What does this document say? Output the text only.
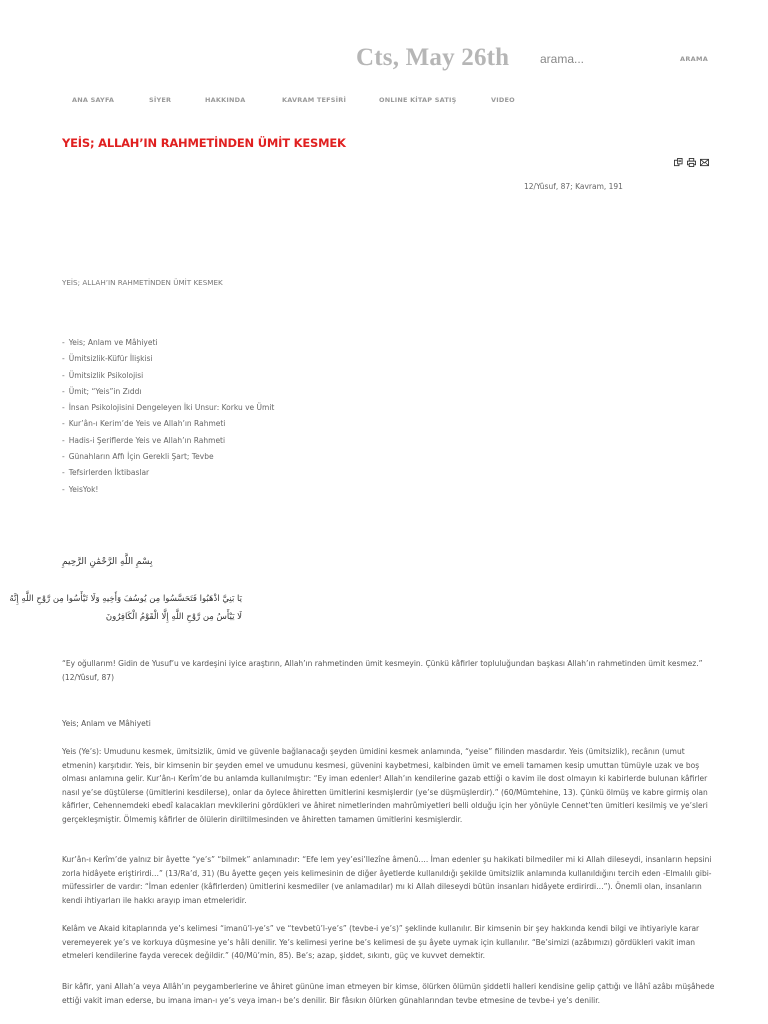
Cts, May 26th
arama...	ARAMA
ANA SAYFA	SİYER	HAKKINDA	KAVRAM TEFSİRİ	ONLINE KİTAP SATIŞ	VIDEO
YEİS; ALLAH’IN RAHMETİNDEN ÜMİT KESMEK
12/Yûsuf, 87; Kavram, 191
YEİS; ALLAH’IN RAHMETİNDEN ÜMİT KESMEK
- Yeis; Anlam ve Mâhiyeti
- Ümitsizlik-Küfür İlişkisi
- Ümitsizlik Psikolojisi
- Ümit; “Yeis”in Zıddı
- İnsan Psikolojisini Dengeleyen İki Unsur: Korku ve Ümit
- Kur’ân-ı Kerim’de Yeis ve Allah’ın Rahmeti
- Hadis-i Şeriflerde Yeis ve Allah’ın Rahmeti
- Günahların Affı İçin Gerekli Şart; Tevbe
- Tefsirlerden İktibaslar
- YeisYok!
بِسْمِ اللَّهِ الرَّحْمَٰنِ الرَّحِيمِ
يَا بَنِيَّ اذْهَبُوا فَتَحَسَّسُوا مِن يُوسُفَ وَأَخِيهِ وَلَا تَيْأَسُوا مِن رَّوْحِ اللَّهِ إِنَّهُ
لَا يَيْأَسُ مِن رَّوْحِ اللَّهِ إِلَّا الْقَوْمُ الْكَافِرُونَ

“Ey oğullarım! Gidin de Yusuf’u ve kardeşini iyice araştırın, Allah’ın rahmetinden ümit kesmeyin. Çünkü kâfirler topluluğundan başkası Allah’ın rahmetinden ümit kesmez.” (12/Yûsuf, 87)

Yeis; Anlam ve Mâhiyeti

Yeis (Ye’s): Umudunu kesmek, ümitsizlik, ümid ve güvenle bağlanacağı şeyden ümidini kesmek anlamında, “yeise” fiilinden masdardır. Yeis (ümitsizlik), recânın (umut etmenin) karşıtıdır. Yeis, bir kimsenin bir şeyden emel ve umudunu kesmesi, güvenini kaybetmesi, kalbinden ümit ve emeli tamamen kesip umuttan tümüyle uzak ve boş olması anlamına gelir. Kur’ân-ı Kerîm’de bu anlamda kullanılmıştır: “Ey iman edenler! Allah’ın kendilerine gazab ettiği o kavim ile dost olmayın ki kabirlerde bulunan kâfirler nasıl ye’se düştülerse (ümitlerini kesdilerse), onlar da öylece âhiretten ümitlerini kesmişlerdir (ye’se düşmüşlerdir).” (60/Mümtehine, 13). Çünkü ölmüş ve kabre girmiş olan kâfirler, Cehennemdeki ebedî kalacakları mevkilerini gördükleri ve âhiret nimetlerinden mahrûmiyetleri belli olduğu için her yönüyle Cennet’ten ümitleri kesilmiş ve ye’sleri gerçekleşmiştir. Ölmemiş kâfirler de ölülerin diriltilmesinden ve âhiretten tamamen ümitlerini kesmişlerdir.

Kur’ân-ı Kerîm’de yalnız bir âyette “ye’s” “bilmek” anlamınadır: “Efe lem yey’esi’llezîne âmenû…. İman edenler şu hakikati bilmediler mi ki Allah dileseydi, insanların hepsini zorla hidâyete eriştirirdi…” (13/Ra’d, 31) (Bu âyette geçen yeis kelimesinin de diğer âyetlerde kullanıldığı şekilde ümitsizlik anlamında kullanıldığını tercih eden -Elmalılı gibi- müfessirler de vardır: “İman edenler (kâfirlerden) ümitlerini kesmediler (ve anlamadılar) mı ki Allah dileseydi bütün insanları hidâyete erdirirdi…”). Önemli olan, insanların kendi ihtiyarları ile hakkı arayıp iman etmeleridir.

Kelâm ve Akaid kitaplarında ye’s kelimesi “imanü’l-ye’s” ve “tevbetü’l-ye’s” (tevbe-i ye’s)” şeklinde kullanılır. Bir kimsenin bir şey hakkında kendi bilgi ve ihtiyariyle karar veremeyerek ye’s ve korkuya düşmesine ye’s hâli denilir. Ye’s kelimesi yerine be’s kelimesi de şu âyete uymak için kullanılır. “Be’simizi (azâbımızı) gördükleri vakit iman etmeleri kendilerine fayda verecek değildir.” (40/Mü’min, 85). Be’s; azap, şiddet, sıkıntı, güç ve kuvvet demektir.

Bir kâfir, yani Allah’a veya Allâh’ın peygamberlerine ve âhiret gününe iman etmeyen bir kimse, ölürken ölümün şiddetli halleri kendisine gelip çattığı ve İlâhî azâbı müşâhede ettiği vakit iman ederse, bu imana iman-ı ye’s veya iman-ı be’s denilir. Bir fâsıkın ölürken günahlarından tevbe etmesine de tevbe-i ye’s denilir.
